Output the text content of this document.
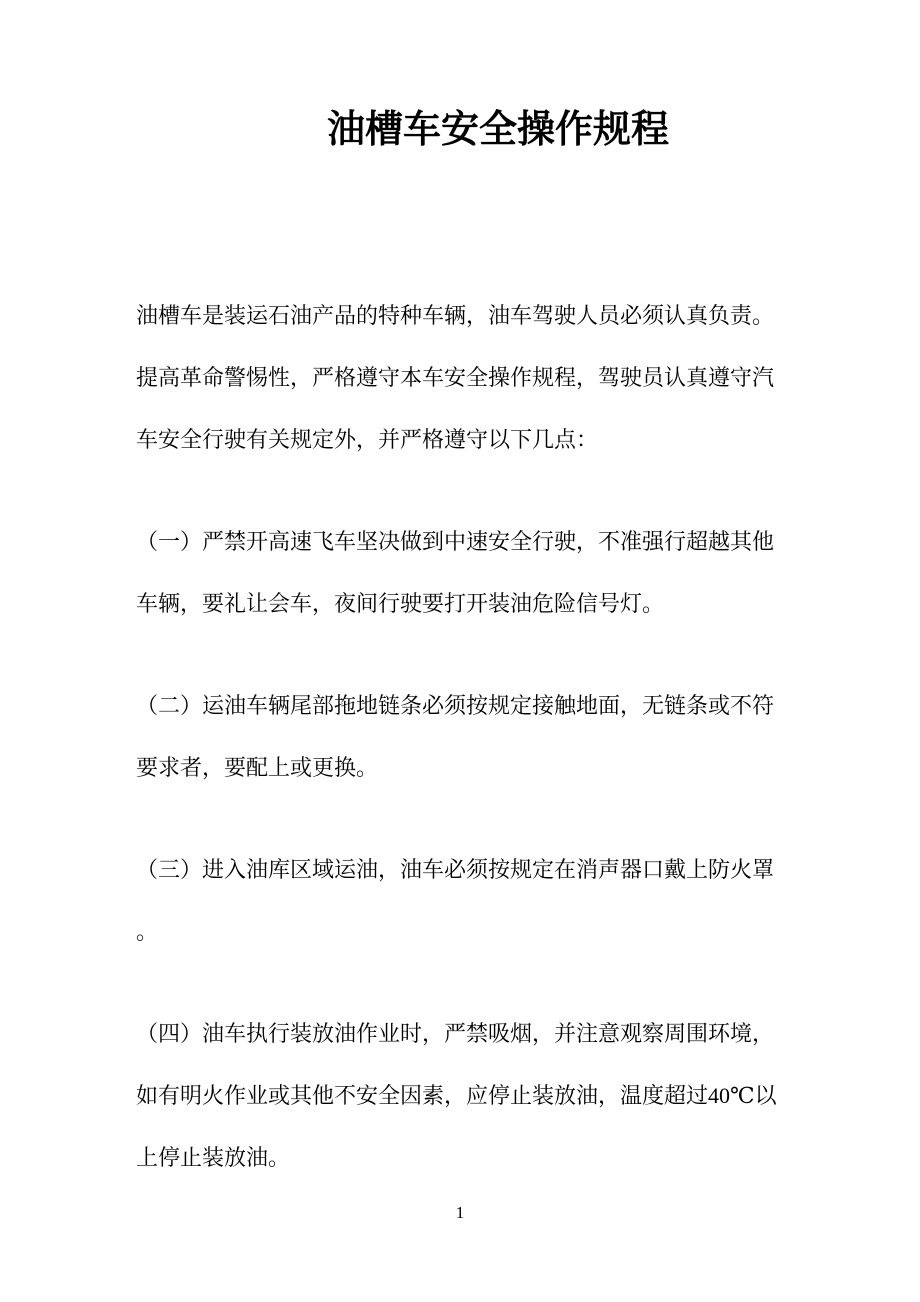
油槽车安全操作规程

油槽车是装运石油产品的特种车辆，油车驾驶人员必须认真负责。
提高革命警惕性，严格遵守本车安全操作规程，驾驶员认真遵守汽
车安全行驶有关规定外，并严格遵守以下几点：

（一）严禁开高速飞车坚决做到中速安全行驶，不准强行超越其他
车辆，要礼让会车，夜间行驶要打开装油危险信号灯。

（二）运油车辆尾部拖地链条必须按规定接触地面，无链条或不符
要求者，要配上或更换。

（三）进入油库区域运油，油车必须按规定在消声器口戴上防火罩
。

（四）油车执行装放油作业时，严禁吸烟，并注意观察周围环境，
如有明火作业或其他不安全因素，应停止装放油，温度超过40℃以
上停止装放油。

1
